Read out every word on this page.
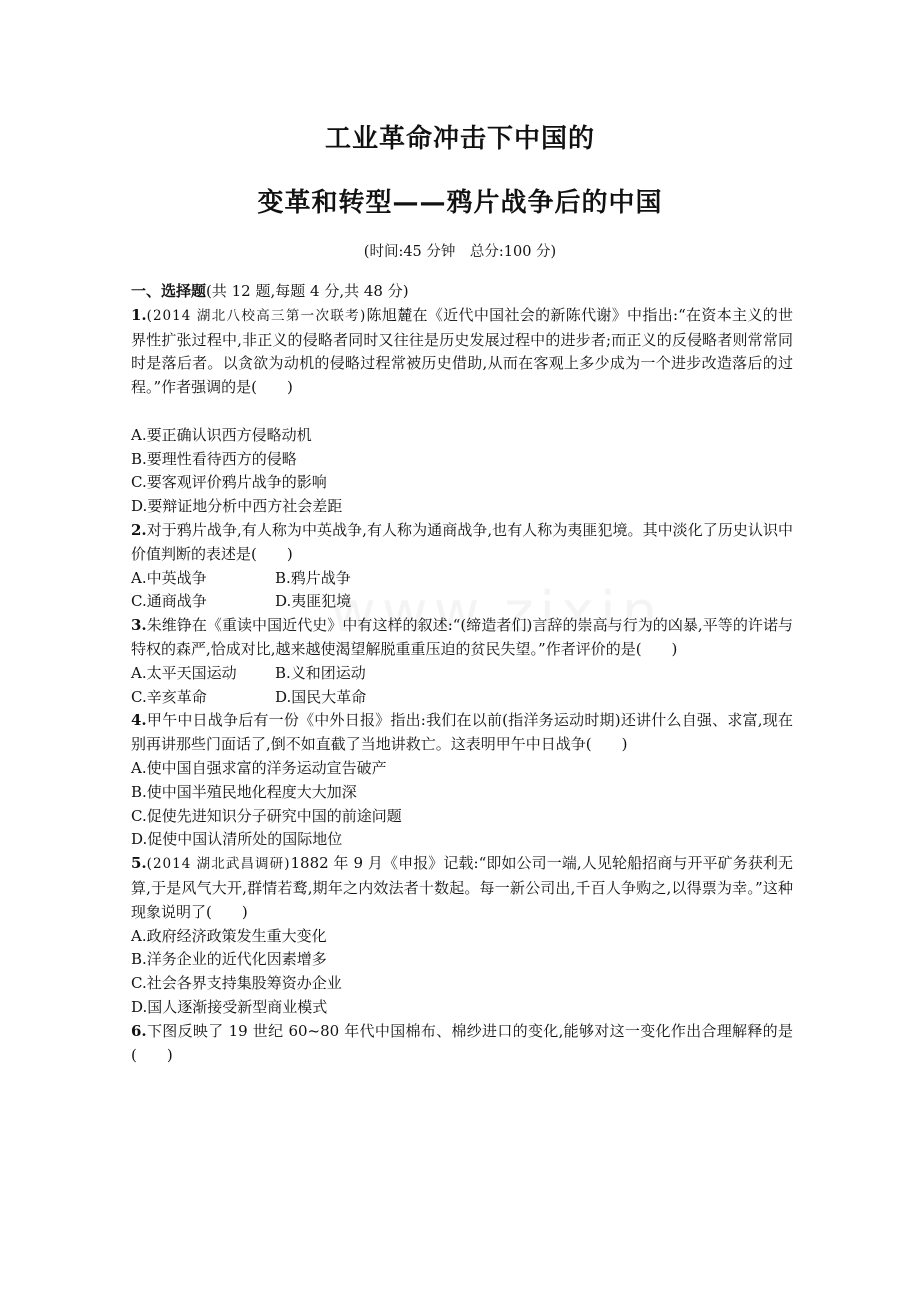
工业革命冲击下中国的
变革和转型——鸦片战争后的中国
(时间:45 分钟　总分:100 分)

一、选择题(共 12 题,每题 4 分,共 48 分)

1.(2014 湖北八校高三第一次联考)陈旭麓在《近代中国社会的新陈代谢》中指出:“在资本主义的世界性扩张过程中,非正义的侵略者同时又往往是历史发展过程中的进步者;而正义的反侵略者则常常同时是落后者。以贪欲为动机的侵略过程常被历史借助,从而在客观上多少成为一个进步改造落后的过程。”作者强调的是(　　)

A.要正确认识西方侵略动机

B.要理性看待西方的侵略

C.要客观评价鸦片战争的影响

D.要辩证地分析中西方社会差距

2.对于鸦片战争,有人称为中英战争,有人称为通商战争,也有人称为夷匪犯境。其中淡化了历史认识中价值判断的表述是(　　)

A.中英战争	B.鸦片战争
C.通商战争	D.夷匪犯境

3.朱维铮在《重读中国近代史》中有这样的叙述:“(缔造者们)言辞的崇高与行为的凶暴,平等的许诺与特权的森严,恰成对比,越来越使渴望解脱重重压迫的贫民失望。”作者评价的是(　　)

A.太平天国运动	B.义和团运动
C.辛亥革命	D.国民大革命

4.甲午中日战争后有一份《中外日报》指出:我们在以前(指洋务运动时期)还讲什么自强、求富,现在别再讲那些门面话了,倒不如直截了当地讲救亡。这表明甲午中日战争(　　)

A.使中国自强求富的洋务运动宣告破产

B.使中国半殖民地化程度大大加深

C.促使先进知识分子研究中国的前途问题

D.促使中国认清所处的国际地位

5.(2014 湖北武昌调研)1882 年 9 月《申报》记载:“即如公司一端,人见轮船招商与开平矿务获利无算,于是风气大开,群情若鹜,期年之内效法者十数起。每一新公司出,千百人争购之,以得票为幸。”这种现象说明了(　　)

A.政府经济政策发生重大变化

B.洋务企业的近代化因素增多

C.社会各界支持集股筹资办企业

D.国人逐渐接受新型商业模式

6.下图反映了 19 世纪 60~80 年代中国棉布、棉纱进口的变化,能够对这一变化作出合理解释的是(　　)
